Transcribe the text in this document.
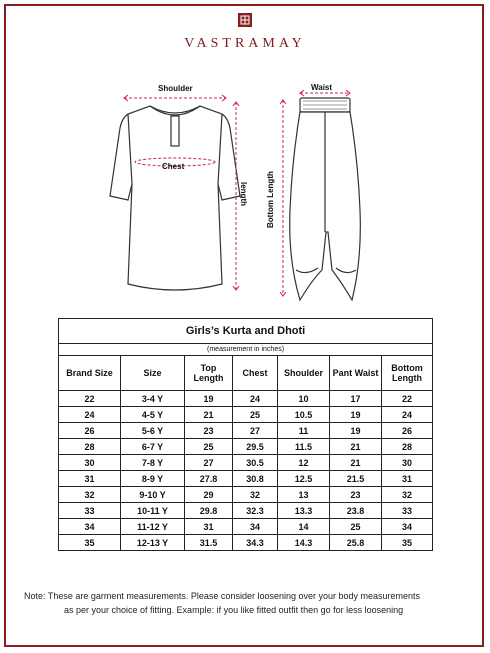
VASTRAMAY
Shoulder
Chest
length
Waist
Bottom Length
Girls’s Kurta and Dhoti						
(measurement in inches)						
Brand Size	Size	Top Length	Chest	Shoulder	Pant Waist	Bottom Length
22	3-4 Y	19	24	10	17	22
24	4-5 Y	21	25	10.5	19	24
26	5-6 Y	23	27	11	19	26
28	6-7 Y	25	29.5	11.5	21	28
30	7-8 Y	27	30.5	12	21	30
31	8-9 Y	27.8	30.8	12.5	21.5	31
32	9-10 Y	29	32	13	23	32
33	10-11 Y	29.8	32.3	13.3	23.8	33
34	11-12 Y	31	34	14	25	34
35	12-13 Y	31.5	34.3	14.3	25.8	35
Note: These are garment measurements. Please consider loosening over your body measurements
as per your choice of fitting. Example: if you like fitted outfit then go for less loosening
